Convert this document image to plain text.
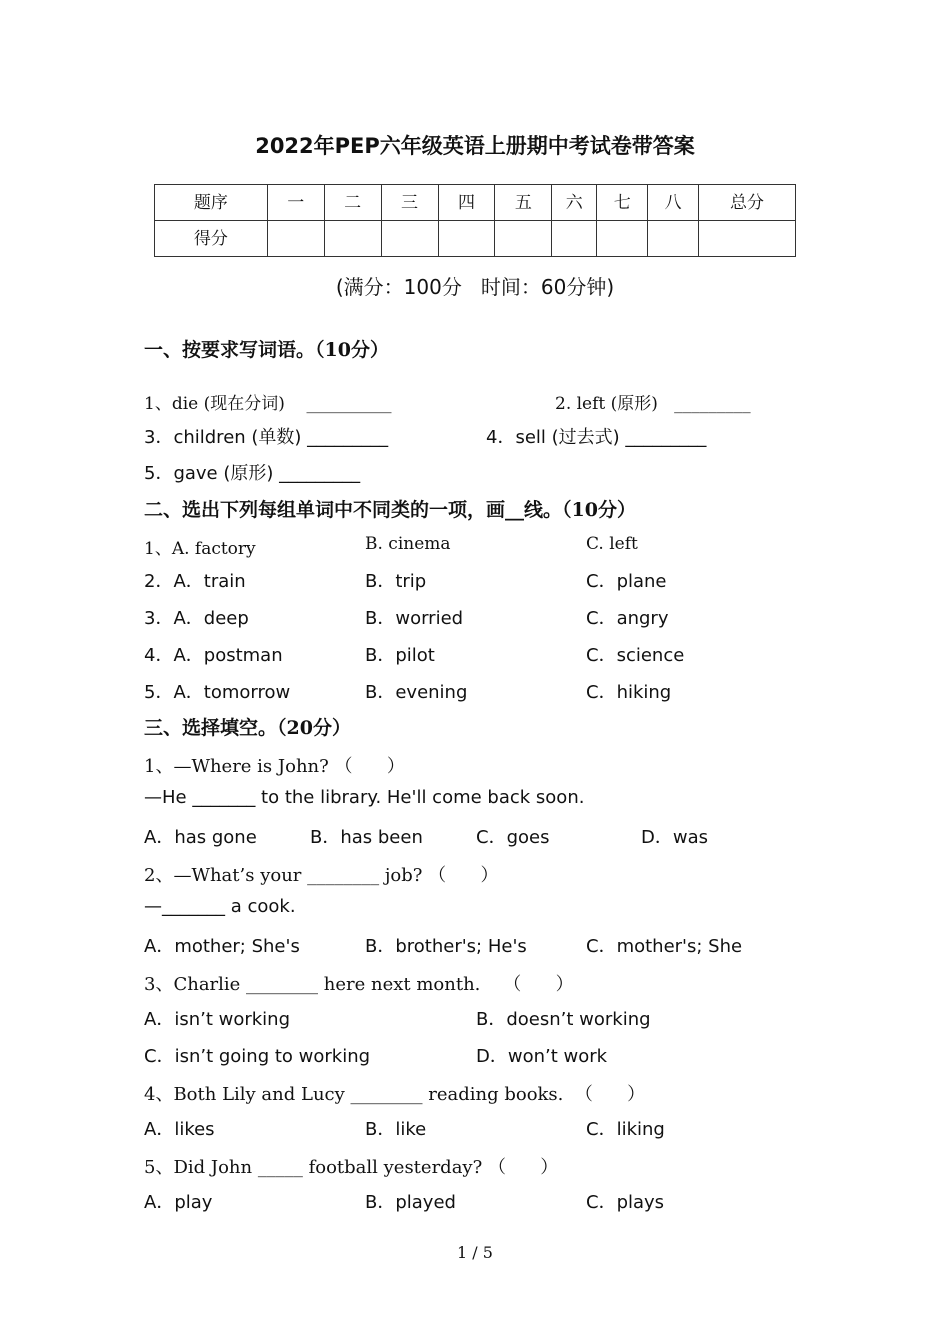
2022年PEP六年级英语上册期中考试卷带答案
题序	一	二	三	四	五	六	七	八	总分
得分									
(满分：100分   时间：60分钟)
一、按要求写词语。（10分）
1、die (现在分词)    __________	2. left (原形)   _________
3．children (单数) _________	4．sell (过去式) _________
5．gave (原形) _________
二、选出下列每组单词中不同类的一项，画__线。（10分）
1、A. factory	B. cinema	C. left
2．A．train	B．trip	C．plane
3．A．deep	B．worried	C．angry
4．A．postman	B．pilot	C．science
5．A．tomorrow	B．evening	C．hiking
三、选择填空。（20分）
1、—Where is John? （      ）
—He _______ to the library. He'll come back soon.
A．has gone	B．has been	C．goes	D．was
2、—What’s your ________ job? （      ）
—_______ a cook.
A．mother; She's	B．brother's; He's	C．mother's; She
3、Charlie ________ here next month.    （      ）
A．isn’t working	B．doesn’t working
C．isn’t going to working	D．won’t work
4、Both Lily and Lucy ________ reading books.  （      ）
A．likes	B．like	C．liking
5、Did John _____ football yesterday? （      ）
A．play	B．played	C．plays
1 / 5
